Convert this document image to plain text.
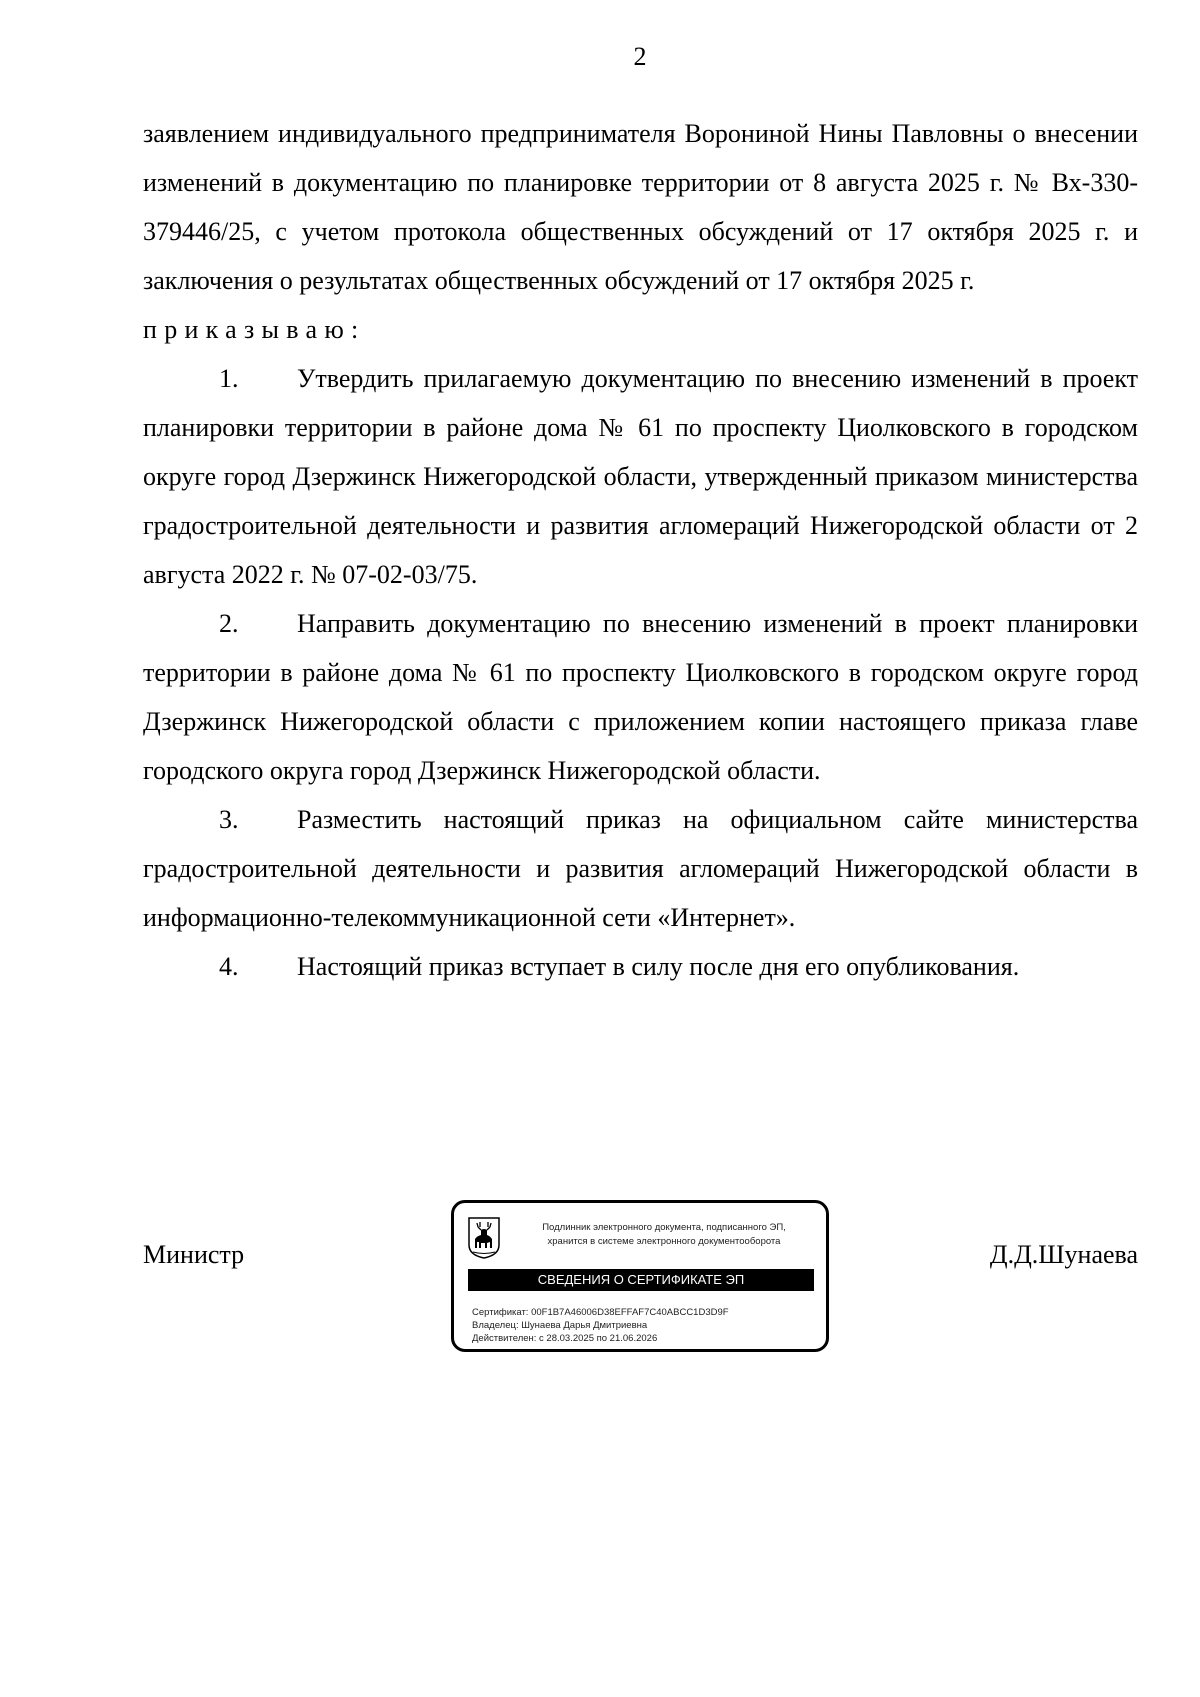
2

заявлением индивидуального предпринимателя Ворониной Нины Павловны о внесении изменений в документацию по планировке территории от 8 августа 2025 г. № Вх-330-379446/25, с учетом протокола общественных обсуждений от 17 октября 2025 г. и заключения о результатах общественных обсуждений от 17 октября 2025 г.

приказываю:

1. Утвердить прилагаемую документацию по внесению изменений в проект планировки территории в районе дома № 61 по проспекту Циолковского в городском округе город Дзержинск Нижегородской области, утвержденный приказом министерства градостроительной деятельности и развития агломераций Нижегородской области от 2 августа 2022 г. № 07-02-03/75.

2. Направить документацию по внесению изменений в проект планировки территории в районе дома № 61 по проспекту Циолковского в городском округе город Дзержинск Нижегородской области с приложением копии настоящего приказа главе городского округа город Дзержинск Нижегородской области.

3. Разместить настоящий приказ на официальном сайте министерства градостроительной деятельности и развития агломераций Нижегородской области в информационно-телекоммуникационной сети «Интернет».

4. Настоящий приказ вступает в силу после дня его опубликования.

Министр	Д.Д.Шунаева
Подлинник электронного документа, подписанного ЭП,
хранится в системе электронного документооборота
СВЕДЕНИЯ О СЕРТИФИКАТЕ ЭП
Сертификат: 00F1B7A46006D38EFFAF7C40ABCC1D3D9F
Владелец: Шунаева Дарья Дмитриевна
Действителен: с 28.03.2025 по 21.06.2026
